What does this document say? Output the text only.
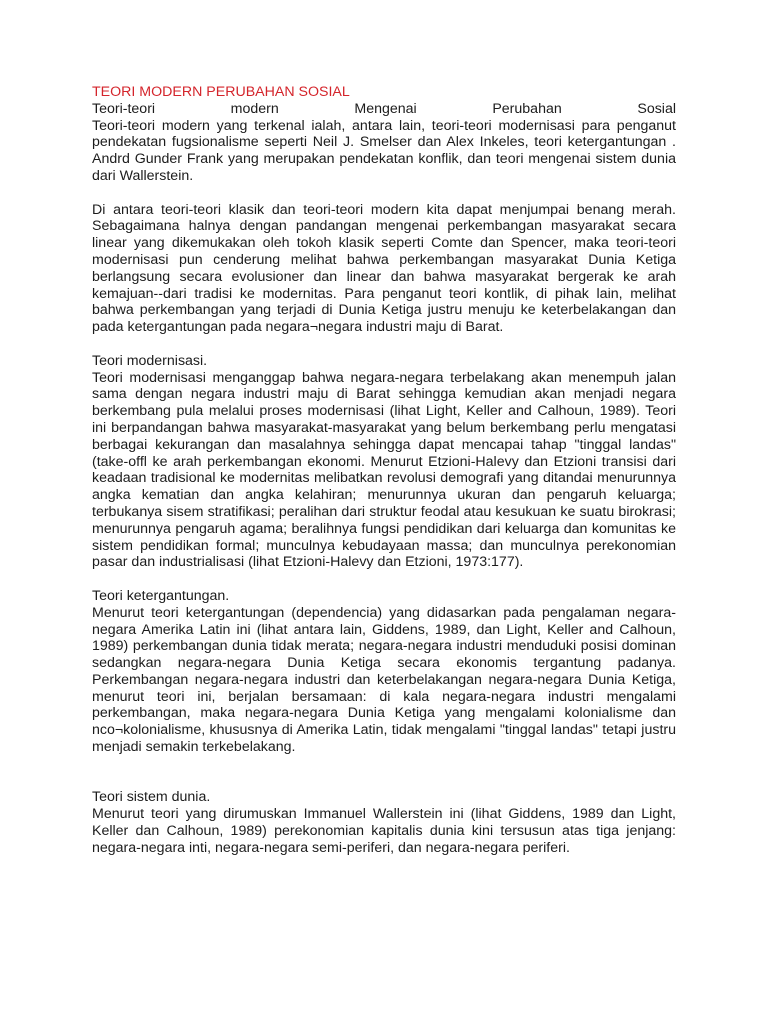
TEORI MODERN PERUBAHAN SOSIAL

Teori-teori modern Mengenai Perubahan Sosial

Teori-teori modern yang terkenal ialah, antara lain, teori-teori modernisasi para penganut pendekatan fugsionalisme seperti Neil J. Smelser dan Alex Inkeles, teori ketergantungan . Andrd Gunder Frank yang merupakan pendekatan konflik, dan teori mengenai sistem dunia dari Wallerstein.

Di antara teori-teori klasik dan teori-teori modern kita dapat menjumpai benang merah. Sebagaimana halnya dengan pandangan mengenai perkembangan masyarakat secara linear yang dikemukakan oleh tokoh klasik seperti Comte dan Spencer, maka teori-teori modernisasi pun cenderung melihat bahwa perkembangan masyarakat Dunia Ketiga berlangsung secara evolusioner dan linear dan bahwa masyarakat bergerak ke arah kemajuan--dari tradisi ke modernitas. Para penganut teori kontlik, di pihak lain, melihat bahwa perkembangan yang terjadi di Dunia Ketiga justru menuju ke keterbelakangan dan pada ketergantungan pada negara¬negara industri maju di Barat.

Teori modernisasi.

Teori modernisasi menganggap bahwa negara-negara terbelakang akan menempuh jalan sama dengan negara industri maju di Barat sehingga kemudian akan menjadi negara berkembang pula melalui proses modernisasi (lihat Light, Keller and Calhoun, 1989). Teori ini berpandangan bahwa masyarakat-masyarakat yang belum berkembang perlu mengatasi berbagai kekurangan dan masalahnya sehingga dapat mencapai tahap "tinggal landas" (take-offl ke arah perkembangan ekonomi. Menurut Etzioni-Halevy dan Etzioni transisi dari keadaan tradisional ke modernitas melibatkan revolusi demografi yang ditandai menurunnya angka kematian dan angka kelahiran; menurunnya ukuran dan pengaruh keluarga; terbukanya sisem stratifikasi; peralihan dari struktur feodal atau kesukuan ke suatu birokrasi; menurunnya pengaruh agama; beralihnya fungsi pendidikan dari keluarga dan komunitas ke sistem pendidikan formal; munculnya kebudayaan massa; dan munculnya perekonomian pasar dan industrialisasi (lihat Etzioni-Halevy dan Etzioni, 1973:177).

Teori ketergantungan.

Menurut teori ketergantungan (dependencia) yang didasarkan pada pengalaman negara-negara Amerika Latin ini (lihat antara lain, Giddens, 1989, dan Light, Keller and Calhoun, 1989) perkembangan dunia tidak merata; negara-negara industri menduduki posisi dominan sedangkan negara-negara Dunia Ketiga secara ekonomis tergantung padanya. Perkembangan negara-negara industri dan keterbelakangan negara-negara Dunia Ketiga, menurut teori ini, berjalan bersamaan: di kala negara-negara industri mengalami perkembangan, maka negara-negara Dunia Ketiga yang mengalami kolonialisme dan nco¬kolonialisme, khususnya di Amerika Latin, tidak mengalami "tinggal landas" tetapi justru menjadi semakin terkebelakang.

Teori sistem dunia.

Menurut teori yang dirumuskan Immanuel Wallerstein ini (lihat Giddens, 1989 dan Light, Keller dan Calhoun, 1989) perekonomian kapitalis dunia kini tersusun atas tiga jenjang: negara-negara inti, negara-negara semi-periferi, dan negara-negara periferi.
